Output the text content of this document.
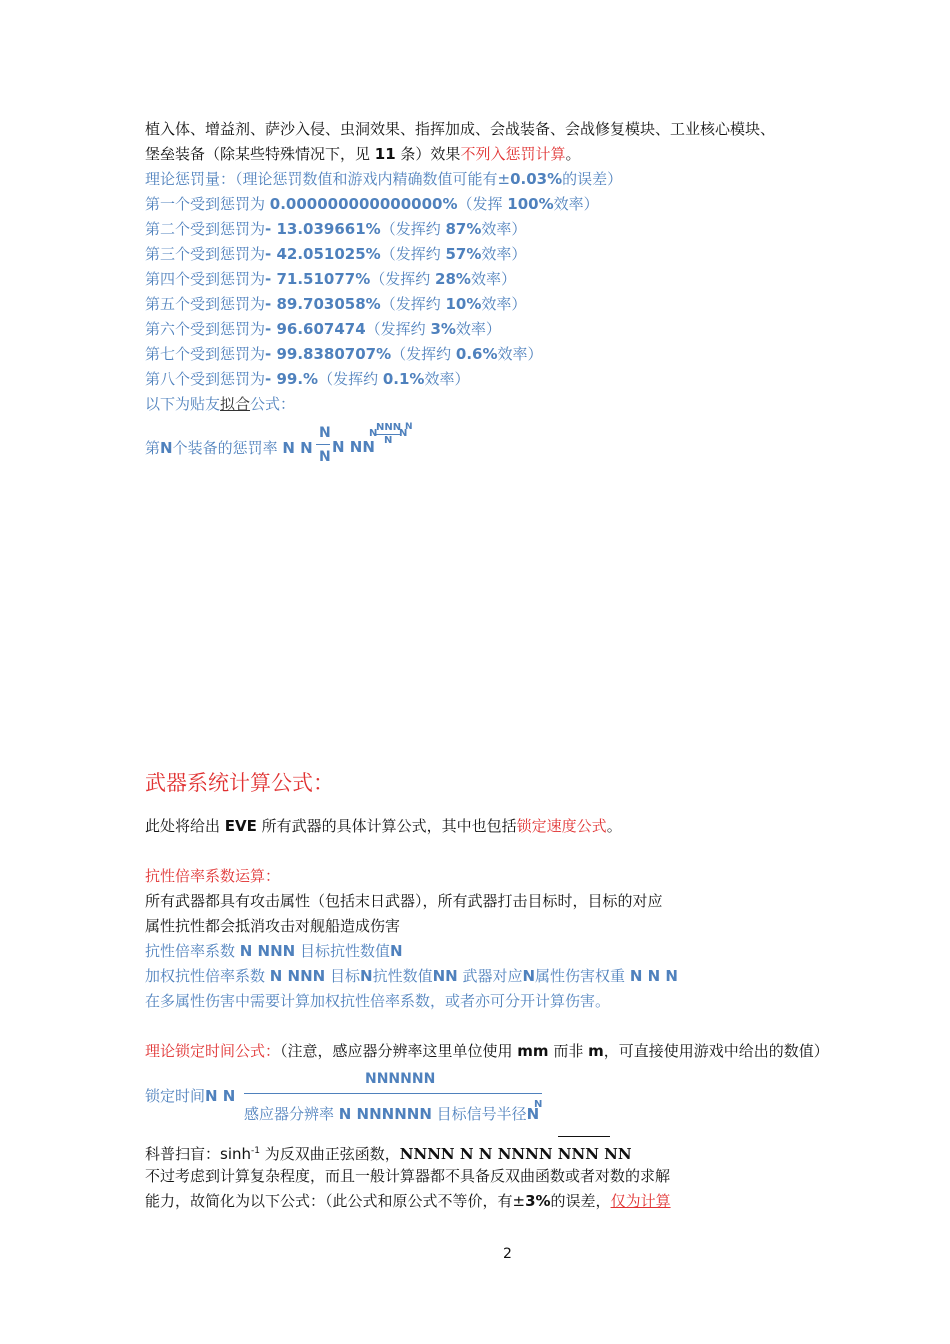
植入体、增益剂、萨沙入侵、虫洞效果、指挥加成、会战装备、会战修复模块、工业核心模块、
堡垒装备（除某些特殊情况下，见 11 条）效果不列入惩罚计算。
理论惩罚量：（理论惩罚数值和游戏内精确数值可能有±0.03%的误差）
第一个受到惩罚为 0.000000000000000%（发挥 100%效率）
第二个受到惩罚为- 13.039661%（发挥约 87%效率）
第三个受到惩罚为- 42.051025%（发挥约 57%效率）
第四个受到惩罚为- 71.51077%（发挥约 28%效率）
第五个受到惩罚为- 89.703058%（发挥约 10%效率）
第六个受到惩罚为- 96.607474（发挥约 3%效率）
第七个受到惩罚为- 99.8380707%（发挥约 0.6%效率）
第八个受到惩罚为- 99.%（发挥约 0.1%效率）
以下为贴友拟合公式：
第N个装备的惩罚率 N N
N
N
N NN
N
NNN
N
N
N
武器系统计算公式：
此处将给出 EVE 所有武器的具体计算公式，其中也包括锁定速度公式。
抗性倍率系数运算：
所有武器都具有攻击属性（包括末日武器），所有武器打击目标时，目标的对应
属性抗性都会抵消攻击对舰船造成伤害
抗性倍率系数 N NNN 目标抗性数值N
加权抗性倍率系数 N NNN 目标N抗性数值NN 武器对应N属性伤害权重 N N N
在多属性伤害中需要计算加权抗性倍率系数，或者亦可分开计算伤害。
理论锁定时间公式：（注意，感应器分辨率这里单位使用 mm 而非 m，可直接使用游戏中给出的数值）
锁定时间N N
NNNNNN
感应器分辨率 N NNNNNN 目标信号半径N
N
科普扫盲：$\sinh^{-1}$ 为反双曲正弦函数，NNNN N N NNNN NNN NN
不过考虑到计算复杂程度，而且一般计算器都不具备反双曲函数或者对数的求解
能力，故简化为以下公式：（此公式和原公式不等价，有±3%的误差，仅为计算
2
